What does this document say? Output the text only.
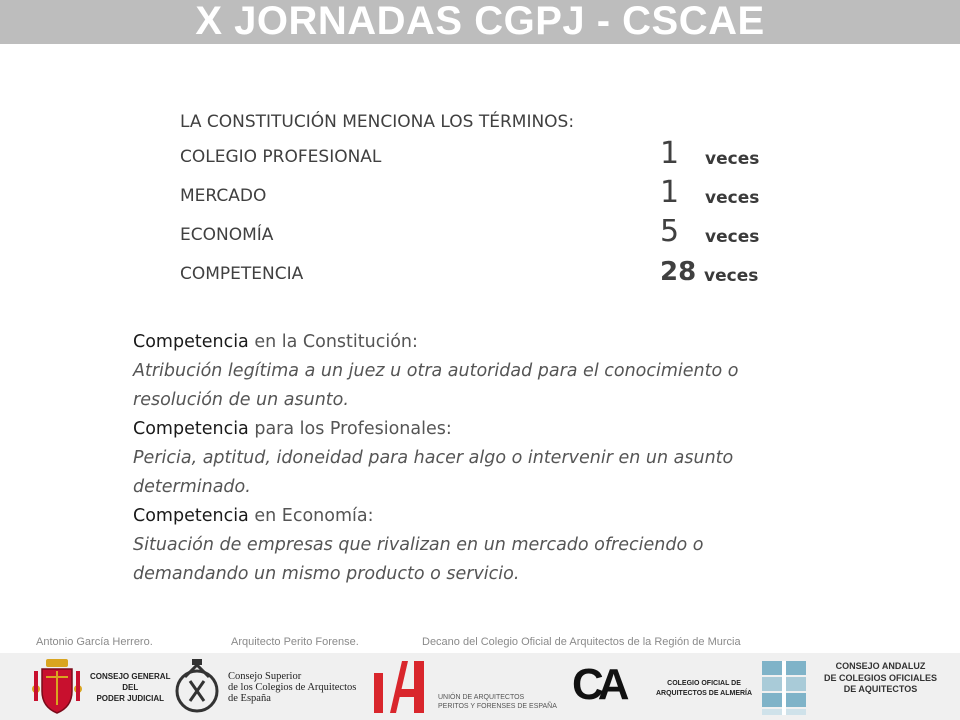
X JORNADAS CGPJ - CSCAE
LA CONSTITUCIÓN MENCIONA LOS TÉRMINOS:
COLEGIO PROFESIONAL	1 veces
MERCADO	1 veces
ECONOMÍA	5 veces
COMPETENCIA	28 veces
Competencia en la Constitución:
Atribución legítima a un juez u otra autoridad para el conocimiento o
resolución de un asunto.
Competencia para los Profesionales:
Pericia, aptitud, idoneidad para hacer algo o intervenir en un asunto
determinado.
Competencia en Economía:
Situación de empresas que rivalizan en un mercado ofreciendo o
demandando un mismo producto o servicio.
Antonio García Herrero.	Arquitecto Perito Forense.	Decano del Colegio Oficial de Arquitectos de la Región de Murcia
CONSEJO GENERAL
DEL
PODER JUDICIAL
Consejo Superior
de los Colegios de Arquitectos
de España	UNIÓN DE ARQUITECTOS
PERITOS Y FORENSES DE ESPAÑA CA	COLEGIO OFICIAL DE
ARQUITECTOS DE ALMERÍA
CONSEJO ANDALUZ
DE COLEGIOS OFICIALES
DE AQUITECTOS
